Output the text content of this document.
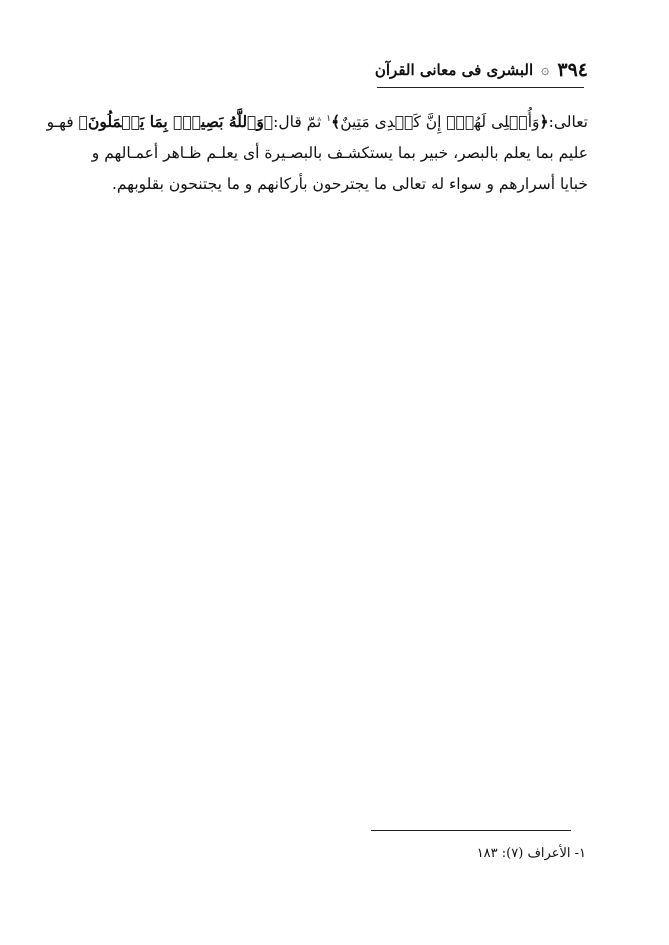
٣٩٤
۞
البشری فی معانی القرآن
تعالی:﴿وَأُمۡلِی لَهُمۡۚ إِنَّ کَیۡدِی مَتِینٌ﴾$^١$ ثمّ قال:﴿وَٱللَّهُ بَصِیرُۢ بِمَا یَعۡمَلُونَ﴾ فهـو
علیم بما یعلم بالبصر، خبیر بما یستکشـف بالبصـیرة أی یعلـم ظـاهر أعمـالهم و
خبایا أسرارهم و سواء له تعالی ما یجترحون بأرکانهم و ما یجتنحون بقلوبهم.
١- الأعراف (٧): ١٨٣
